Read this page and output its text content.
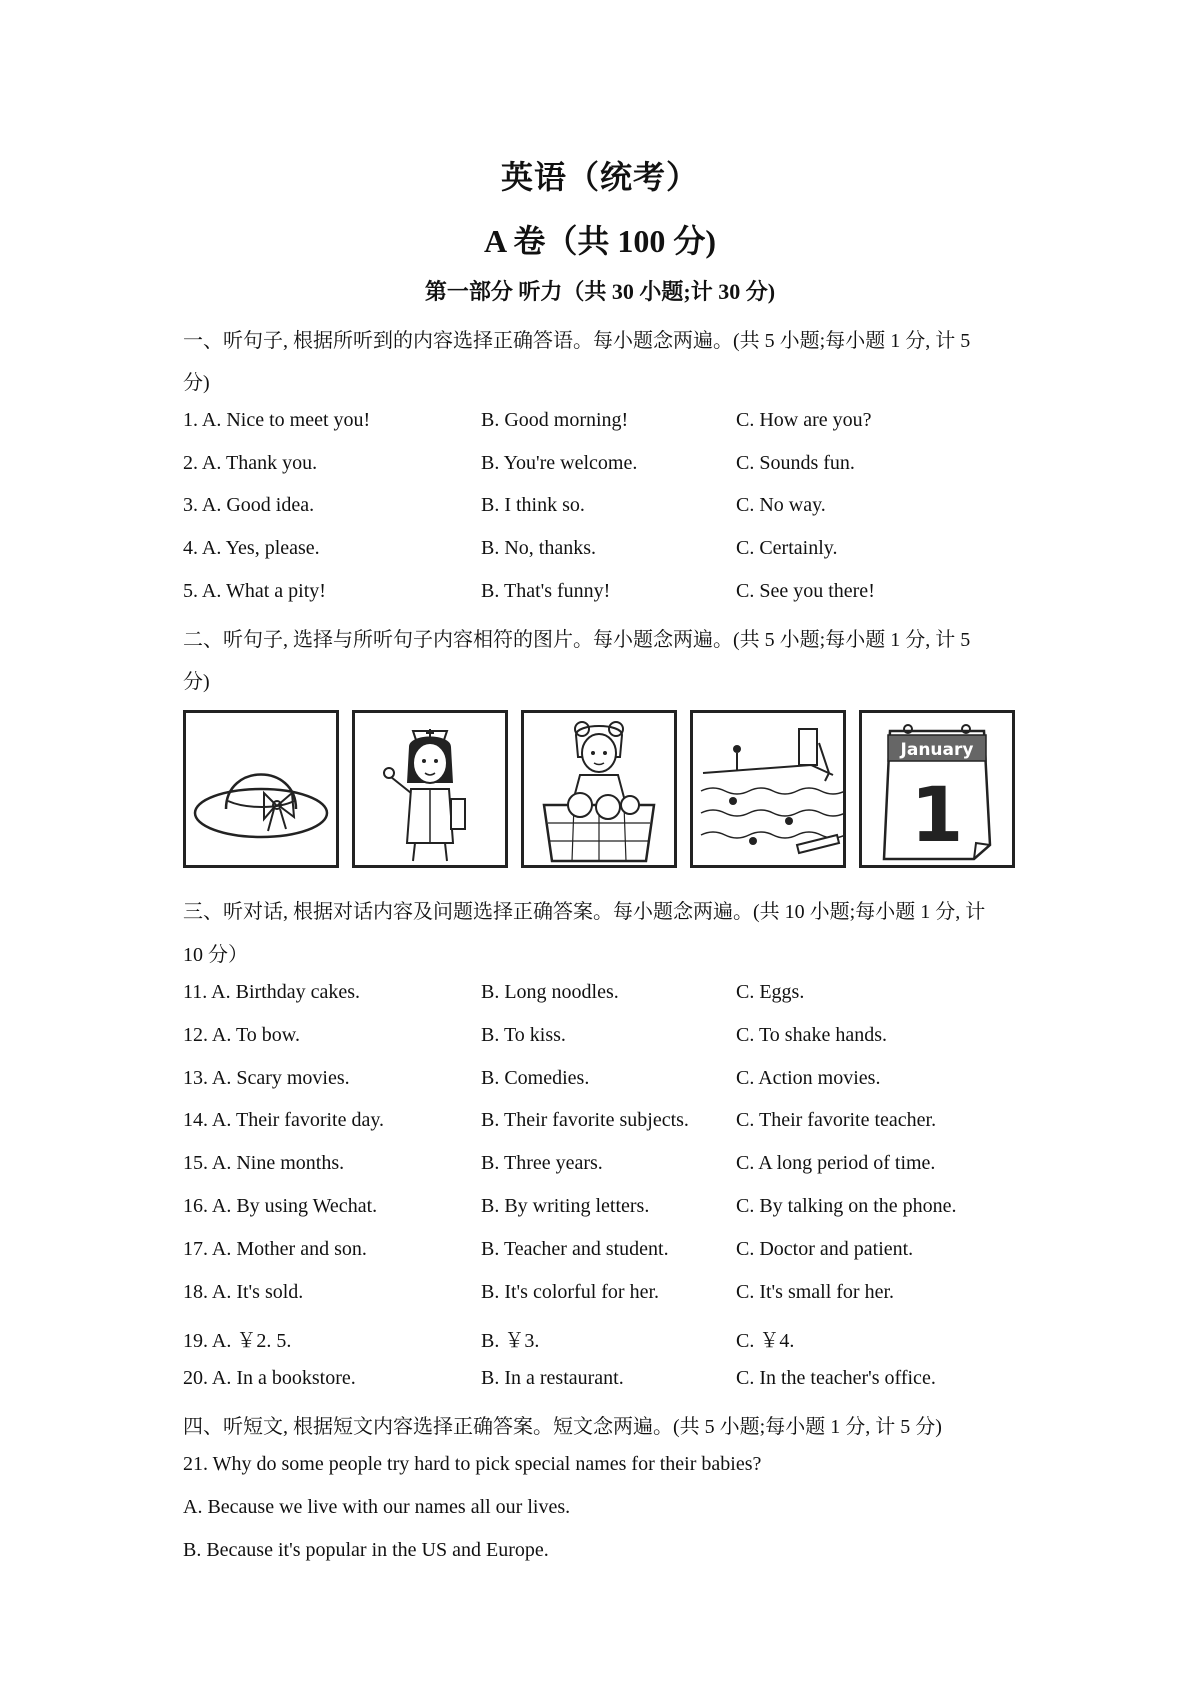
英语（统考）
A 卷（共 100 分)
第一部分 听力（共 30 小题;计 30 分)
一、听句子, 根据所听到的内容选择正确答语。每小题念两遍。(共 5 小题;每小题 1 分, 计 5
分)
1. A. Nice to meet you!	B. Good morning!	C. How are you?
2. A. Thank you.	B. You're welcome.	C. Sounds fun.
3. A. Good idea.	B. I think so.	C. No way.
4. A. Yes, please.	B. No, thanks.	C. Certainly.
5. A. What a pity!	B. That's funny!	C. See you there!
二、听句子, 选择与所听句子内容相符的图片。每小题念两遍。(共 5 小题;每小题 1 分, 计 5
分)
January
1
三、听对话, 根据对话内容及问题选择正确答案。每小题念两遍。(共 10 小题;每小题 1 分, 计
10 分）
11. A. Birthday cakes.	B. Long noodles.	C. Eggs.
12. A. To bow.	B. To kiss.	C. To shake hands.
13. A. Scary movies.	B. Comedies.	C. Action movies.
14. A. Their favorite day.	B. Their favorite subjects. C. Their favorite teacher.
15. A. Nine months.	B. Three years.	C. A long period of time.
16. A. By using Wechat.	B. By writing letters.	C. By talking on the phone.
17. A. Mother and son.	B. Teacher and student.	C. Doctor and patient.
18. A. It's sold.	B. It's colorful for her.	C. It's small for her.
19. A. ￥2. 5.	B. ￥3.	C. ￥4.
20. A. In a bookstore.	B. In a restaurant.	C. In the teacher's office.
四、听短文, 根据短文内容选择正确答案。短文念两遍。(共 5 小题;每小题 1 分, 计 5 分)
21. Why do some people try hard to pick special names for their babies?
A. Because we live with our names all our lives.
B. Because it's popular in the US and Europe.
